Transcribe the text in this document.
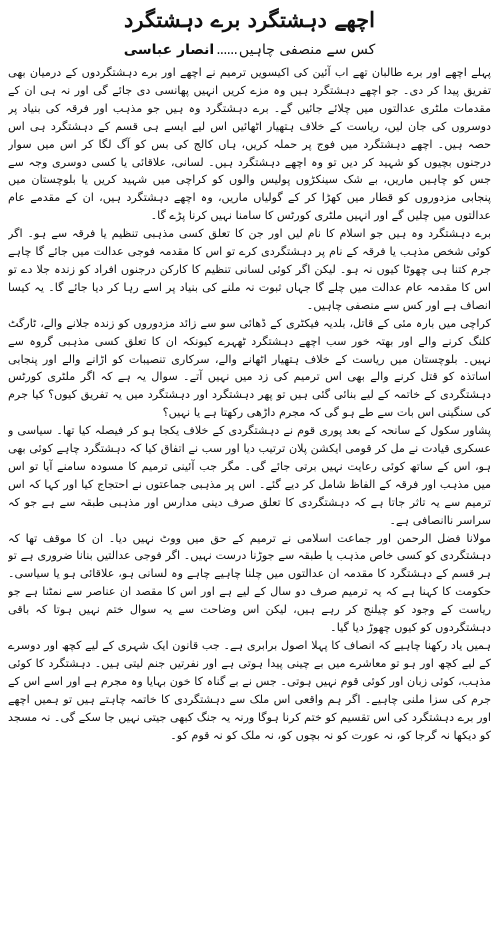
اچھے دہشتگرد برے دہشتگرد
کس سے منصفی چاہیں
......
انصار عباسی

پہلے اچھے اور برے طالبان تھے اب آئین کی اکیسویں ترمیم نے اچھے اور برے دہشتگردوں کے درمیان بھی تفریق پیدا کر دی۔ جو اچھے دہشتگرد ہیں وہ مزے کریں انہیں پھانسی دی جائے گی اور نہ ہی ان کے مقدمات ملٹری عدالتوں میں چلائے جائیں گے۔ برے دہشتگرد وہ ہیں جو مذہب اور فرقہ کی بنیاد پر دوسروں کی جان لیں، ریاست کے خلاف ہتھیار اٹھائیں اس لیے ایسے ہی قسم کے دہشتگرد ہی اس حصہ ہیں۔ اچھے دہشتگرد میں فوج پر حملہ کریں، ہاں کالج کی بس کو آگ لگا کر اس میں سوار درجنوں بچیوں کو شہید کر دیں تو وہ اچھے دہشتگرد ہیں۔ لسانی، علاقائی یا کسی دوسری وجہ سے جس کو چاہیں ماریں، بے شک سینکڑوں پولیس والوں کو کراچی میں شہید کریں یا بلوچستان میں پنجابی مزدوروں کو قطار میں کھڑا کر کے گولیاں ماریں، وہ اچھے دہشتگرد ہیں، ان کے مقدمے عام عدالتوں میں چلیں گے اور انہیں ملٹری کورٹس کا سامنا نہیں کرنا پڑے گا۔

برے دہشتگرد وہ ہیں جو اسلام کا نام لیں اور جن کا تعلق کسی مذہبی تنظیم یا فرقہ سے ہو۔ اگر کوئی شخص مذہب یا فرقہ کے نام پر دہشتگردی کرے تو اس کا مقدمہ فوجی عدالت میں جائے گا چاہے جرم کتنا ہی چھوٹا کیوں نہ ہو۔ لیکن اگر کوئی لسانی تنظیم کا کارکن درجنوں افراد کو زندہ جلا دے تو اس کا مقدمہ عام عدالت میں چلے گا جہاں ثبوت نہ ملنے کی بنیاد پر اسے رہا کر دیا جائے گا۔ یہ کیسا انصاف ہے اور کس سے منصفی چاہیں۔

کراچی میں بارہ مئی کے قاتل، بلدیہ فیکٹری کے ڈھائی سو سے زائد مزدوروں کو زندہ جلانے والے، ٹارگٹ کلنگ کرنے والے اور بھتہ خور سب اچھے دہشتگرد ٹھہرے کیونکہ ان کا تعلق کسی مذہبی گروہ سے نہیں۔ بلوچستان میں ریاست کے خلاف ہتھیار اٹھانے والے، سرکاری تنصیبات کو اڑانے والے اور پنجابی اساتذہ کو قتل کرنے والے بھی اس ترمیم کی زد میں نہیں آتے۔ سوال یہ ہے کہ اگر ملٹری کورٹس دہشتگردی کے خاتمہ کے لیے بنائی گئی ہیں تو پھر دہشتگرد اور دہشتگرد میں یہ تفریق کیوں؟ کیا جرم کی سنگینی اس بات سے طے ہو گی کہ مجرم داڑھی رکھتا ہے یا نہیں؟

پشاور سکول کے سانحہ کے بعد پوری قوم نے دہشتگردی کے خلاف یکجا ہو کر فیصلہ کیا تھا۔ سیاسی و عسکری قیادت نے مل کر قومی ایکشن پلان ترتیب دیا اور سب نے اتفاق کیا کہ دہشتگرد چاہے کوئی بھی ہو، اس کے ساتھ کوئی رعایت نہیں برتی جائے گی۔ مگر جب آئینی ترمیم کا مسودہ سامنے آیا تو اس میں مذہب اور فرقہ کے الفاظ شامل کر دیے گئے۔ اس پر مذہبی جماعتوں نے احتجاج کیا اور کہا کہ اس ترمیم سے یہ تاثر جاتا ہے کہ دہشتگردی کا تعلق صرف دینی مدارس اور مذہبی طبقہ سے ہے جو کہ سراسر ناانصافی ہے۔

مولانا فضل الرحمن اور جماعت اسلامی نے ترمیم کے حق میں ووٹ نہیں دیا۔ ان کا موقف تھا کہ دہشتگردی کو کسی خاص مذہب یا طبقہ سے جوڑنا درست نہیں۔ اگر فوجی عدالتیں بنانا ضروری ہے تو ہر قسم کے دہشتگرد کا مقدمہ ان عدالتوں میں چلنا چاہیے چاہے وہ لسانی ہو، علاقائی ہو یا سیاسی۔ حکومت کا کہنا ہے کہ یہ ترمیم صرف دو سال کے لیے ہے اور اس کا مقصد ان عناصر سے نمٹنا ہے جو ریاست کے وجود کو چیلنج کر رہے ہیں، لیکن اس وضاحت سے یہ سوال ختم نہیں ہوتا کہ باقی دہشتگردوں کو کیوں چھوڑ دیا گیا۔

ہمیں یاد رکھنا چاہیے کہ انصاف کا پہلا اصول برابری ہے۔ جب قانون ایک شہری کے لیے کچھ اور دوسرے کے لیے کچھ اور ہو تو معاشرے میں بے چینی پیدا ہوتی ہے اور نفرتیں جنم لیتی ہیں۔ دہشتگرد کا کوئی مذہب، کوئی زبان اور کوئی قوم نہیں ہوتی۔ جس نے بے گناہ کا خون بہایا وہ مجرم ہے اور اسے اس کے جرم کی سزا ملنی چاہیے۔ اگر ہم واقعی اس ملک سے دہشتگردی کا خاتمہ چاہتے ہیں تو ہمیں اچھے اور برے دہشتگرد کی اس تقسیم کو ختم کرنا ہوگا ورنہ یہ جنگ کبھی جیتی نہیں جا سکے گی۔ نہ مسجد کو دیکھا نہ گرجا کو، نہ عورت کو نہ بچوں کو، نہ ملک کو نہ قوم کو۔
